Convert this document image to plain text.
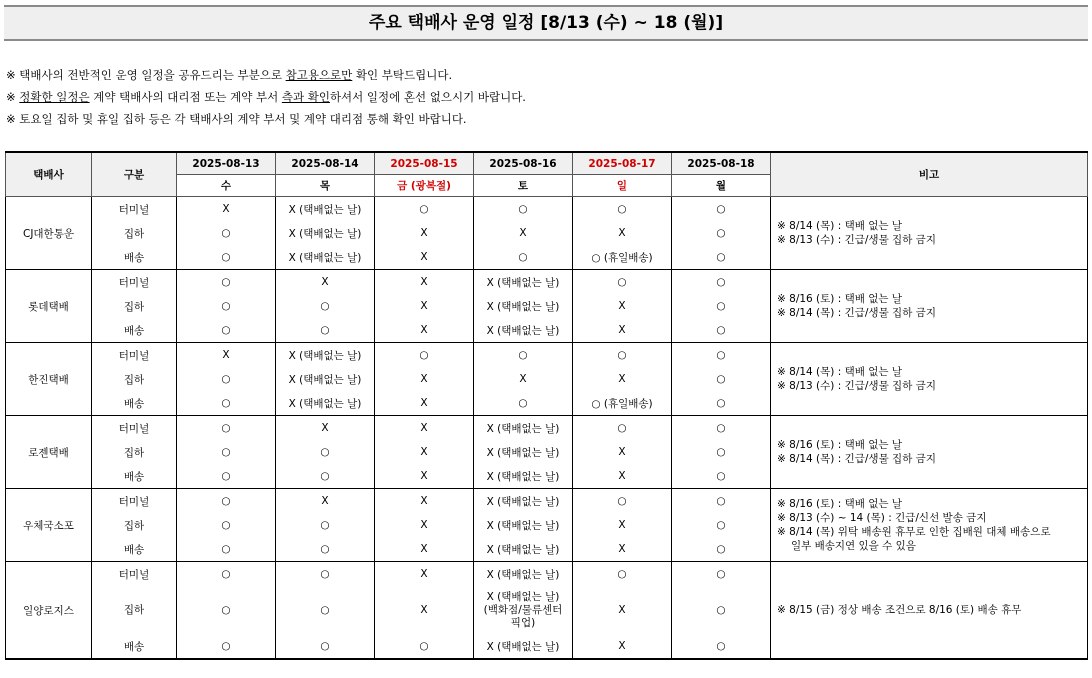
주요 택배사 운영 일정 [8/13 (수) ~ 18 (월)]
※ 택배사의 전반적인 운영 일정을 공유드리는 부분으로 참고용으로만 확인 부탁드립니다.
※ 정확한 일정은 계약 택배사의 대리점 또는 계약 부서 측과 확인하셔서 일정에 혼선 없으시기 바랍니다.
※ 토요일 집하 및 휴일 집하 등은 각 택배사의 계약 부서 및 계약 대리점 통해 확인 바랍니다.
택배사	구분	2025-08-13	2025-08-14	2025-08-15	2025-08-16	2025-08-17	2025-08-18	비고
		수	목	금 (광복절)	토	일	월	
CJ대한통운	터미널	X	X (택배없는 날)	○	○	○	○	※ 8/14 (목) : 택배 없는 날
※ 8/13 (수) : 긴급/생물 집하 금지

	집하	○	X (택배없는 날)	X	X	X	○	
	배송	○	X (택배없는 날)	X	○	○ (휴일배송)	○	
롯데택배	터미널	○	X	X	X (택배없는 날)	○	○	※ 8/16 (토) : 택배 없는 날
※ 8/14 (목) : 긴급/생물 집하 금지

	집하	○	○	X	X (택배없는 날)	X	○	
	배송	○	○	X	X (택배없는 날)	X	○	
한진택배	터미널	X	X (택배없는 날)	○	○	○	○	※ 8/14 (목) : 택배 없는 날
※ 8/13 (수) : 긴급/생물 집하 금지

	집하	○	X (택배없는 날)	X	X	X	○	
	배송	○	X (택배없는 날)	X	○	○ (휴일배송)	○	
로젠택배	터미널	○	X	X	X (택배없는 날)	○	○	※ 8/16 (토) : 택배 없는 날
※ 8/14 (목) : 긴급/생물 집하 금지

	집하	○	○	X	X (택배없는 날)	X	○	
	배송	○	○	X	X (택배없는 날)	X	○	
우체국소포	터미널	○	X	X	X (택배없는 날)	○	○	※ 8/16 (토) : 택배 없는 날
※ 8/13 (수) ~ 14 (목) : 긴급/신선 발송 금지
※ 8/14 (목) 위탁 배송원 휴무로 인한 집배원 대체 배송으로
일부 배송지연 있을 수 있음

	집하	○	○	X	X (택배없는 날)	X	○	
	배송	○	○	X	X (택배없는 날)	X	○	
일양로지스	터미널	○	○	X	X (택배없는 날)	○	○	※ 8/15 (금) 정상 배송 조건으로 8/16 (토) 배송 휴무

	집하	○	○	X	X (택배없는 날)
(백화점/물류센터
픽업)	X	○	
	배송	○	○	○	X (택배없는 날)	X	○	
